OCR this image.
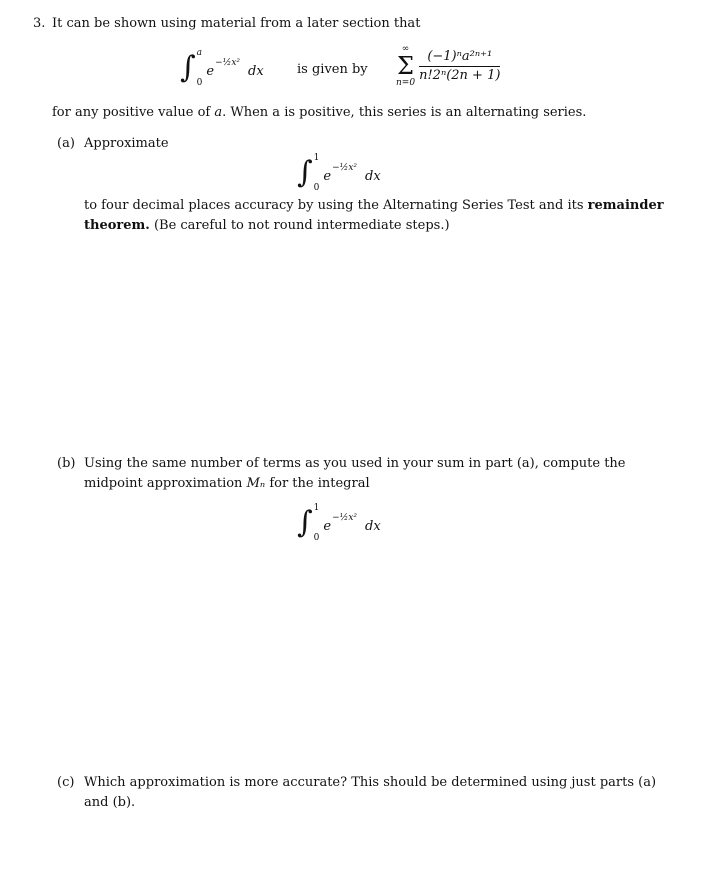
3. It can be shown using material from a later section that
∫ a
0
e
−½x²
dx	is given by
∞
Σ
$n=0 \frac{\text{(−1)ⁿa²ⁿ⁺¹}}{\text{n!2ⁿ(2n + 1)}}$
for any positive value of a. When a is positive, this series is an alternating series.
(a) Approximate
∫ 1
0
e
−½x²
dx
to four decimal places accuracy by using the Alternating Series Test and its remainder
theorem. (Be careful to not round intermediate steps.)
(b) Using the same number of terms as you used in your sum in part (a), compute the
midpoint approximation Mₙ for the integral
∫ 1
0
e
−½x²
dx
(c) Which approximation is more accurate? This should be determined using just parts (a)
and (b).
